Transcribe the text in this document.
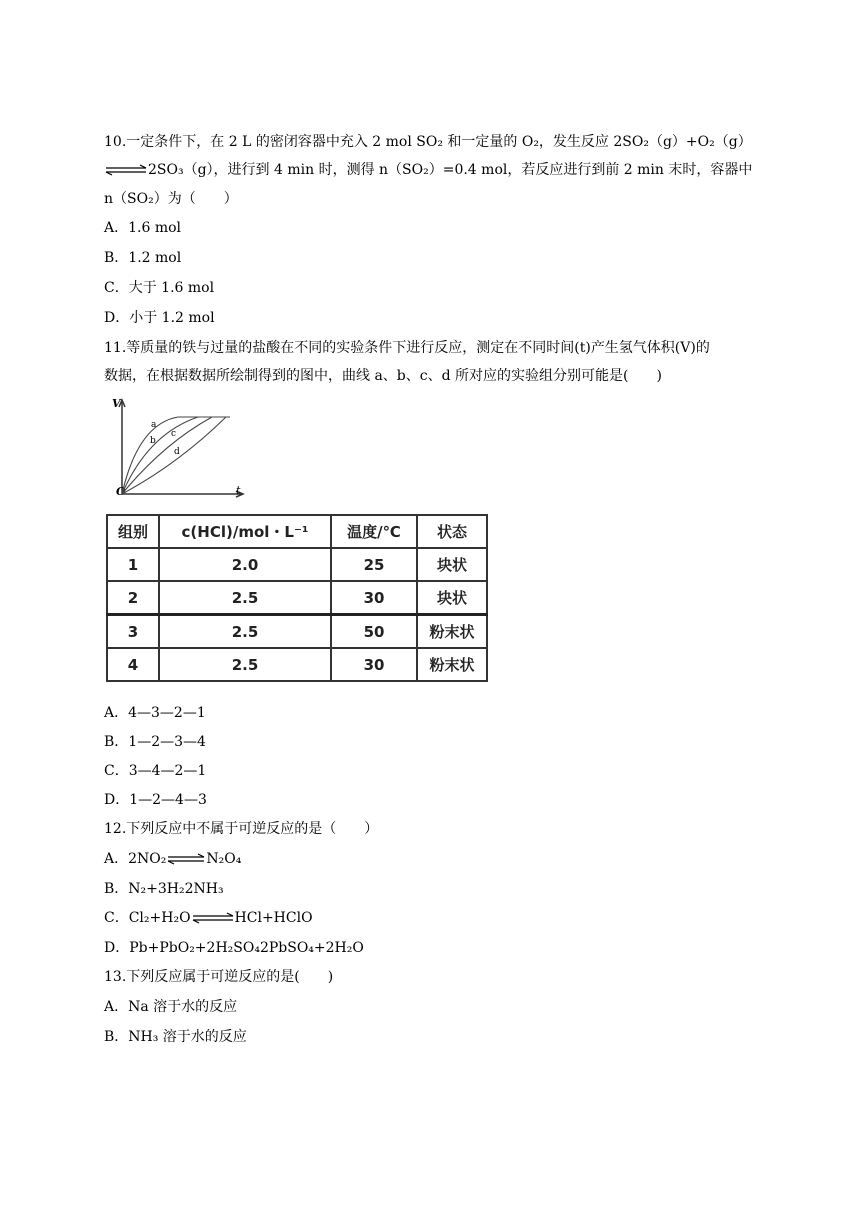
10.一定条件下，在 2 L 的密闭容器中充入 2 mol SO₂ 和一定量的 O₂，发生反应 2SO₂（g）+O₂（g）
⇌2SO₃（g），进行到 4 min 时，测得 n（SO₂）=0.4 mol，若反应进行到前 2 min 末时，容器中
n（SO₂）为（　　）
A．1.6 mol
B．1.2 mol
C．大于 1.6 mol
D．小于 1.2 mol
11.等质量的铁与过量的盐酸在不同的实验条件下进行反应，测定在不同时间(t)产生氢气体积(V)的
数据，在根据数据所绘制得到的图中，曲线 a、b、c、d 所对应的实验组分别可能是(　　)
V
t
O
a
b
c
d
组别	c(HCl)/mol・L⁻¹	温度/℃	状态
1	2.0	25	块状
2	2.5	30	块状
3	2.5	50	粉末状
4	2.5	30	粉末状
A．4—3—2—1
B．1—2—3—4
C．3—4—2—1
D．1—2—4—3
12.下列反应中不属于可逆反应的是（　　）
A．2NO₂⇌N₂O₄
B．N₂+3H₂2NH₃
C．Cl₂+H₂O⇌HCl+HClO
D．Pb+PbO₂+2H₂SO₄2PbSO₄+2H₂O
13.下列反应属于可逆反应的是(　　)
A．Na 溶于水的反应
B．NH₃ 溶于水的反应
